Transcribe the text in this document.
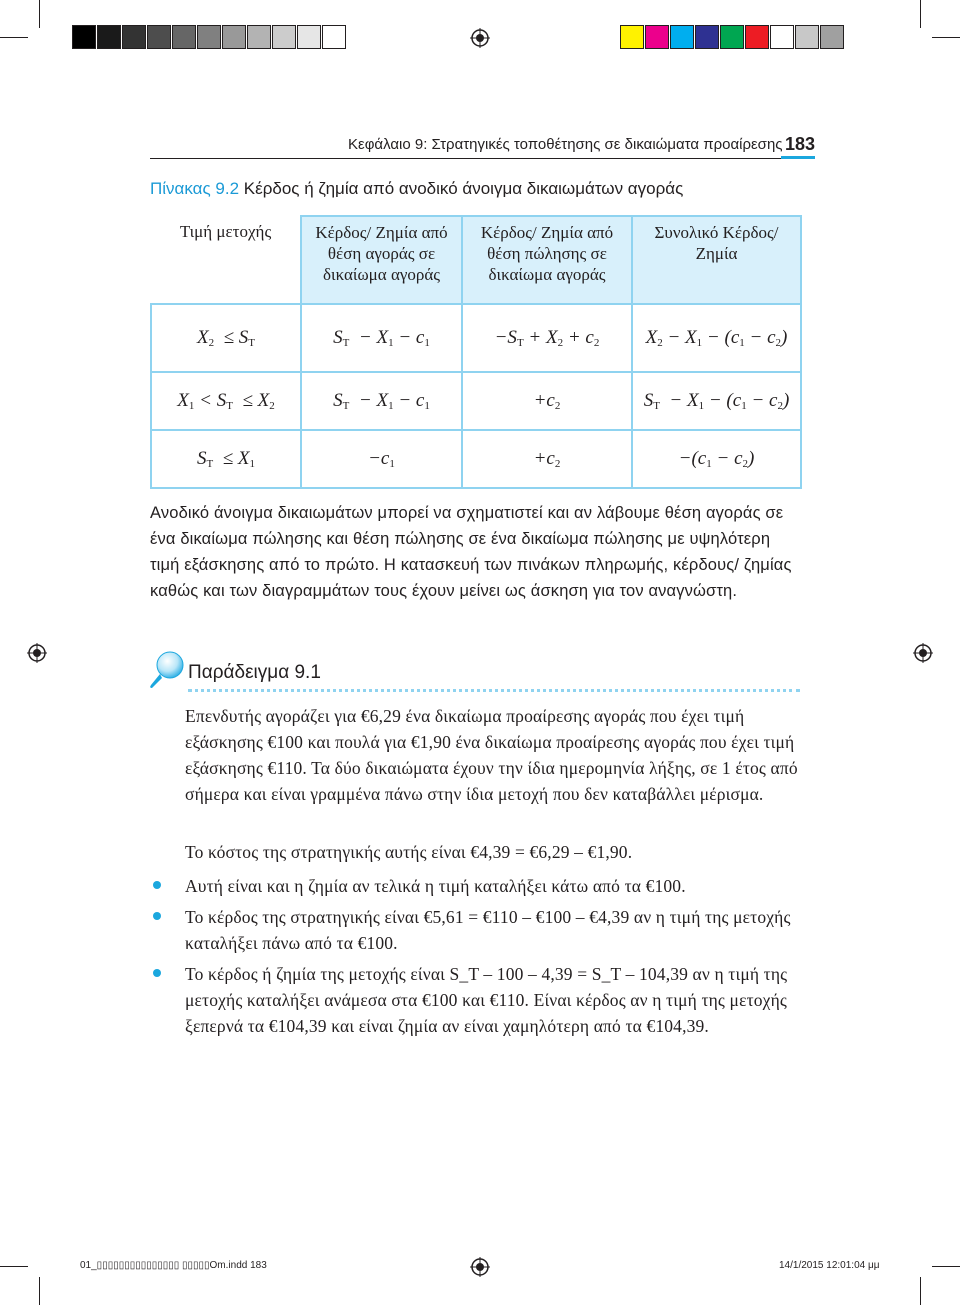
Κεφάλαιο 9: Στρατηγικές τοποθέτησης σε δικαιώματα προαίρεσης 183
Πίνακας 9.2 Κέρδος ή ζημία από ανοδικό άνοιγμα δικαιωμάτων αγοράς
Τιμή μετοχής	Κέρδος/ Ζημία από θέση αγοράς σε δικαίωμα αγοράς	Κέρδος/ Ζημία από θέση πώλησης σε δικαίωμα αγοράς	Συνολικό Κέρδος/ Ζημία
$X_2 \le S_T$	$S_T - X_1 - c_1$	$-S_T + X_2 + c_2$	$X_2 - X_1 - (c_1 - c_2)$
$X_1 < S_T \le X_2$	$S_T - X_1 - c_1$	$+c_2$	$S_T - X_1 - (c_1 - c_2)$
$S_T \le X_1$	$-c_1$	$+c_2$	$-(c_1 - c_2)$
Ανοδικό άνοιγμα δικαιωμάτων μπορεί να σχηματιστεί και αν λάβουμε θέση αγοράς σε ένα δικαίωμα πώλησης και θέση πώλησης σε ένα δικαίωμα πώλησης με υψηλότερη τιμή εξάσκησης από το πρώτο. Η κατασκευή των πινάκων πληρωμής, κέρδους/ ζημίας καθώς και των διαγραμμάτων τους έχουν μείνει ως άσκηση για τον αναγνώστη.
Παράδειγμα 9.1
Επενδυτής αγοράζει για €6,29 ένα δικαίωμα προαίρεσης αγοράς που έχει τιμή εξάσκησης €100 και πουλά για €1,90 ένα δικαίωμα προαίρεσης αγοράς που έχει τιμή εξάσκησης €110. Τα δύο δικαιώματα έχουν την ίδια ημερομηνία λήξης, σε 1 έτος από σήμερα και είναι γραμμένα πάνω στην ίδια μετοχή που δεν καταβάλλει μέρισμα.
Το κόστος της στρατηγικής αυτής είναι €4,39 = €6,29 – €1,90.
Αυτή είναι και η ζημία αν τελικά η τιμή καταλήξει κάτω από τα €100.
Το κέρδος της στρατηγικής είναι €5,61 = €110 – €100 – €4,39 αν η τιμή της μετοχής καταλήξει πάνω από τα €100.
Το κέρδος ή ζημία της μετοχής είναι S_T – 100 – 4,39 = S_T – 104,39 αν η τιμή της μετοχής καταλήξει ανάμεσα στα €100 και €110. Είναι κέρδος αν η τιμή της μετοχής ξεπερνά τα €104,39 και είναι ζημία αν είναι χαμηλότερη από τα €104,39.
01_▯▯▯▯▯▯▯▯▯▯▯▯▯▯▯ ▯▯▯▯▯Om.indd 183	14/1/2015 12:01:04 μμ
